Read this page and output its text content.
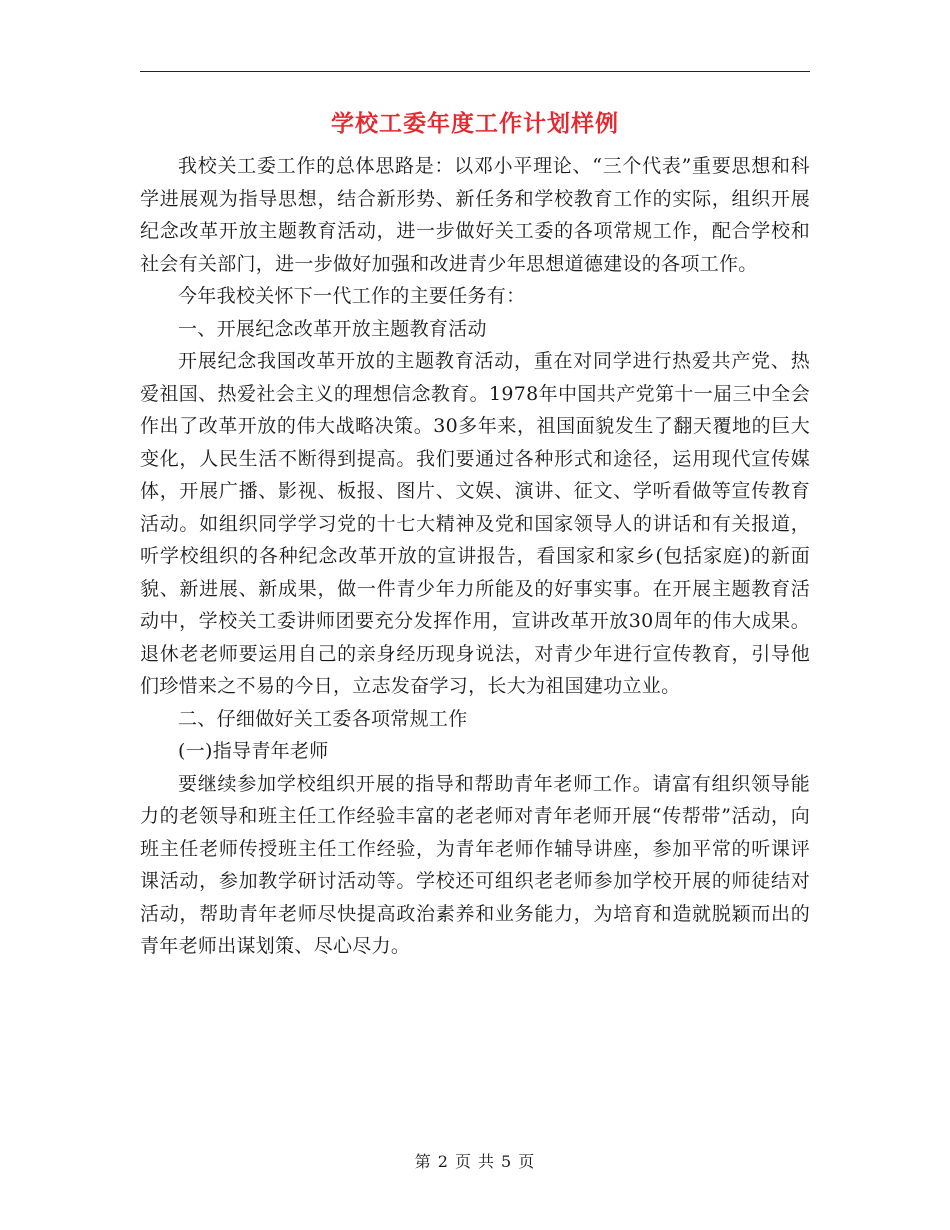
学校工委年度工作计划样例

我校关工委工作的总体思路是：以邓小平理论、“三个代表”重要思想和科学进展观为指导思想，结合新形势、新任务和学校教育工作的实际，组织开展纪念改革开放主题教育活动，进一步做好关工委的各项常规工作，配合学校和社会有关部门，进一步做好加强和改进青少年思想道德建设的各项工作。

今年我校关怀下一代工作的主要任务有：

一、开展纪念改革开放主题教育活动

开展纪念我国改革开放的主题教育活动，重在对同学进行热爱共产党、热爱祖国、热爱社会主义的理想信念教育。1978年中国共产党第十一届三中全会作出了改革开放的伟大战略决策。30多年来，祖国面貌发生了翻天覆地的巨大变化，人民生活不断得到提高。我们要通过各种形式和途径，运用现代宣传媒体，开展广播、影视、板报、图片、文娱、演讲、征文、学听看做等宣传教育活动。如组织同学学习党的十七大精神及党和国家领导人的讲话和有关报道，听学校组织的各种纪念改革开放的宣讲报告，看国家和家乡(包括家庭)的新面貌、新进展、新成果，做一件青少年力所能及的好事实事。在开展主题教育活动中，学校关工委讲师团要充分发挥作用，宣讲改革开放30周年的伟大成果。退休老老师要运用自己的亲身经历现身说法，对青少年进行宣传教育，引导他们珍惜来之不易的今日，立志发奋学习，长大为祖国建功立业。

二、仔细做好关工委各项常规工作

(一)指导青年老师

要继续参加学校组织开展的指导和帮助青年老师工作。请富有组织领导能力的老领导和班主任工作经验丰富的老老师对青年老师开展“传帮带”活动，向班主任老师传授班主任工作经验，为青年老师作辅导讲座，参加平常的听课评课活动，参加教学研讨活动等。学校还可组织老老师参加学校开展的师徒结对活动，帮助青年老师尽快提高政治素养和业务能力，为培育和造就脱颖而出的青年老师出谋划策、尽心尽力。

第 2 页 共 5 页
